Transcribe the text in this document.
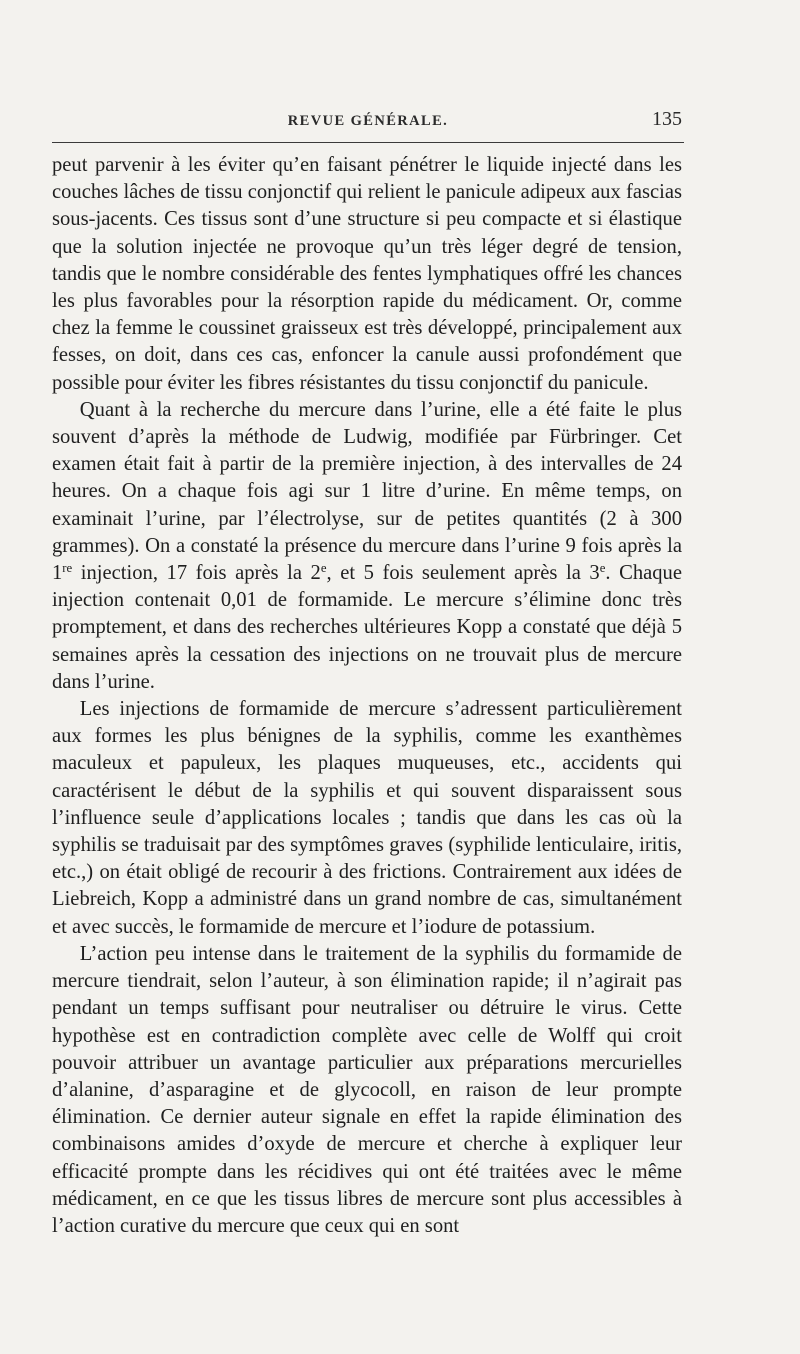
REVUE GÉNÉRALE.	135

peut parvenir à les éviter qu’en faisant pénétrer le liquide injecté dans les couches lâches de tissu conjonctif qui relient le panicule adipeux aux fascias sous-jacents. Ces tissus sont d’une structure si peu compacte et si élastique que la solution injectée ne provoque qu’un très léger degré de tension, tandis que le nombre considérable des fentes lymphatiques offré les chances les plus favorables pour la résorption rapide du médicament. Or, comme chez la femme le coussinet graisseux est très développé, principalement aux fesses, on doit, dans ces cas, enfoncer la canule aussi profondément que possible pour éviter les fibres résistantes du tissu conjonctif du panicule.

Quant à la recherche du mercure dans l’urine, elle a été faite le plus souvent d’après la méthode de Ludwig, modifiée par Fürbringer. Cet examen était fait à partir de la première injection, à des intervalles de 24 heures. On a chaque fois agi sur 1 litre d’urine. En même temps, on examinait l’urine, par l’électrolyse, sur de petites quantités (2 à 300 grammes). On a constaté la présence du mercure dans l’urine 9 fois après la 1re injection, 17 fois après la 2e, et 5 fois seulement après la 3e. Chaque injection contenait 0,01 de formamide. Le mercure s’élimine donc très promptement, et dans des recherches ultérieures Kopp a constaté que déjà 5 semaines après la cessation des injections on ne trouvait plus de mercure dans l’urine.

Les injections de formamide de mercure s’adressent particulièrement aux formes les plus bénignes de la syphilis, comme les exanthèmes maculeux et papuleux, les plaques muqueuses, etc., accidents qui caractérisent le début de la syphilis et qui souvent disparaissent sous l’influence seule d’applications locales ; tandis que dans les cas où la syphilis se traduisait par des symptômes graves (syphilide lenticulaire, iritis, etc.,) on était obligé de recourir à des frictions. Contrairement aux idées de Liebreich, Kopp a administré dans un grand nombre de cas, simultanément et avec succès, le formamide de mercure et l’iodure de potassium.

L’action peu intense dans le traitement de la syphilis du formamide de mercure tiendrait, selon l’auteur, à son élimination rapide; il n’agirait pas pendant un temps suffisant pour neutraliser ou détruire le virus. Cette hypothèse est en contradiction complète avec celle de Wolff qui croit pouvoir attribuer un avantage particulier aux préparations mercurielles d’alanine, d’asparagine et de glycocoll, en raison de leur prompte élimination. Ce dernier auteur signale en effet la rapide élimination des combinaisons amides d’oxyde de mercure et cherche à expliquer leur efficacité prompte dans les récidives qui ont été traitées avec le même médicament, en ce que les tissus libres de mercure sont plus accessibles à l’action curative du mercure que ceux qui en sont
